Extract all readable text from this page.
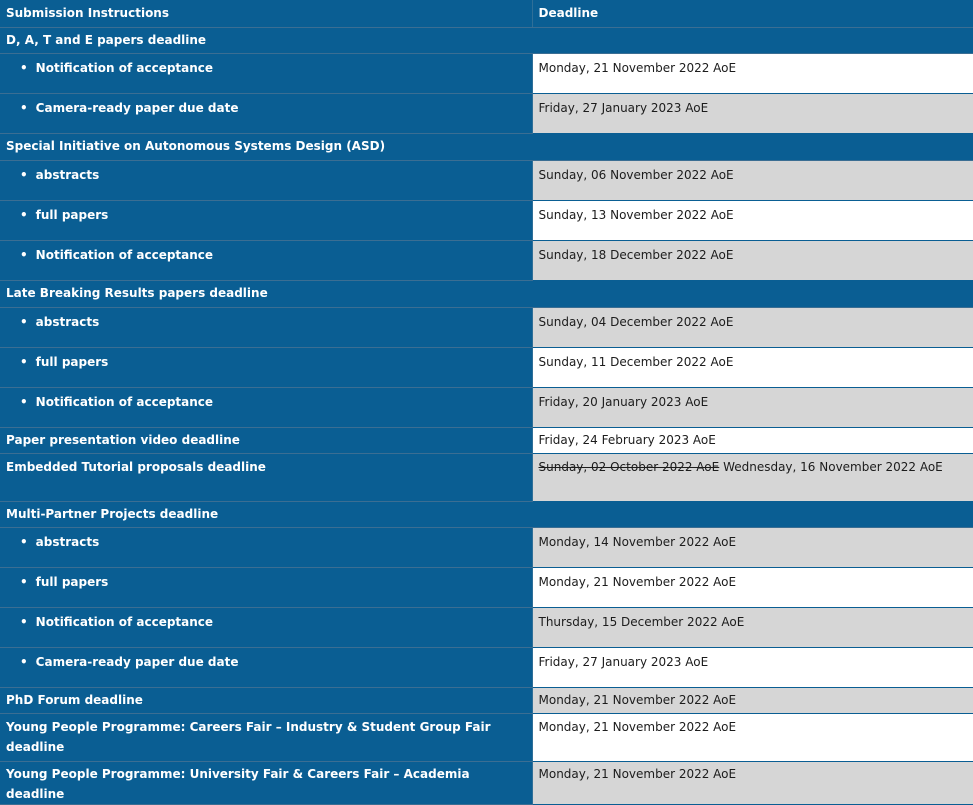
Submission Instructions	Deadline
D, A, T and E papers deadline	
• Notification of acceptance	Monday, 21 November 2022 AoE
• Camera-ready paper due date	Friday, 27 January 2023 AoE
Special Initiative on Autonomous Systems Design (ASD)	
• abstracts	Sunday, 06 November 2022 AoE
• full papers	Sunday, 13 November 2022 AoE
• Notification of acceptance	Sunday, 18 December 2022 AoE
Late Breaking Results papers deadline	
• abstracts	Sunday, 04 December 2022 AoE
• full papers	Sunday, 11 December 2022 AoE
• Notification of acceptance	Friday, 20 January 2023 AoE
Paper presentation video deadline	Friday, 24 February 2023 AoE
Embedded Tutorial proposals deadline	Sunday, 02 October 2022 AoE Wednesday, 16 November 2022 AoE
Multi-Partner Projects deadline	
• abstracts	Monday, 14 November 2022 AoE
• full papers	Monday, 21 November 2022 AoE
• Notification of acceptance	Thursday, 15 December 2022 AoE
• Camera-ready paper due date	Friday, 27 January 2023 AoE
PhD Forum deadline	Monday, 21 November 2022 AoE
Young People Programme: Careers Fair – Industry & Student Group Fair deadline	Monday, 21 November 2022 AoE
Young People Programme: University Fair & Careers Fair – Academia deadline	Monday, 21 November 2022 AoE
